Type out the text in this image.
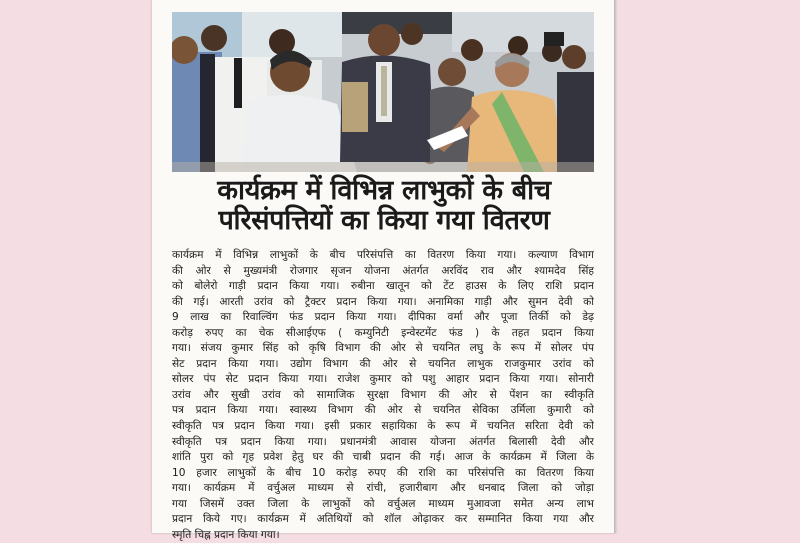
कार्यक्रम में विभिन्न लाभुकों के बीच
परिसंपत्तियों का किया गया वितरण
कार्यक्रम में विभिन्न लाभुकों के बीच परिसंपत्ति का वितरण किया गया। कल्याण विभाग
की ओर से मुख्यमंत्री रोजगार सृजन योजना अंतर्गत अरविंद राव और श्यामदेव सिंह
को बोलेरो गाड़ी प्रदान किया गया। रुबीना खातून को टेंट हाउस के लिए राशि प्रदान
की गई। आरती उरांव को ट्रैक्टर प्रदान किया गया। अनामिका गाड़ी और सुमन देवी को
9 लाख का रिवाल्विंग फंड प्रदान किया गया। दीपिका वर्मा और पूजा तिर्की को डेढ़
करोड़ रुपए का चेक सीआईएफ ( कम्युनिटी इन्वेस्टमेंट फंड ) के तहत प्रदान किया
गया। संजय कुमार सिंह को कृषि विभाग की ओर से चयनित लघु के रूप में सोलर पंप
सेट प्रदान किया गया। उद्योग विभाग की ओर से चयनित लाभुक राजकुमार उरांव को
सोलर पंप सेट प्रदान किया गया। राजेश कुमार को पशु आहार प्रदान किया गया। सोनारी
उरांव और सुखी उरांव को सामाजिक सुरक्षा विभाग की ओर से पेंशन का स्वीकृति
पत्र प्रदान किया गया। स्वास्थ्य विभाग की ओर से चयनित सेविका उर्मिला कुमारी को
स्वीकृति पत्र प्रदान किया गया। इसी प्रकार सहायिका के रूप में चयनित सरिता देवी को
स्वीकृति पत्र प्रदान किया गया। प्रधानमंत्री आवास योजना अंतर्गत बिलासी देवी और
शांति पुरा को गृह प्रवेश हेतु घर की चाबी प्रदान की गई। आज के कार्यक्रम में जिला के
10 हजार लाभुकों के बीच 10 करोड़ रुपए की राशि का परिसंपत्ति का वितरण किया
गया। कार्यक्रम में वर्चुअल माध्यम से रांची, हजारीबाग और धनबाद जिला को जोड़ा
गया जिसमें उक्त जिला के लाभुकों को वर्चुअल माध्यम मुआवजा समेत अन्य लाभ
प्रदान किये गए। कार्यक्रम में अतिथियों को शॉल ओढ़ाकर कर सम्मानित किया गया और
स्मृति चिह्न प्रदान किया गया।
